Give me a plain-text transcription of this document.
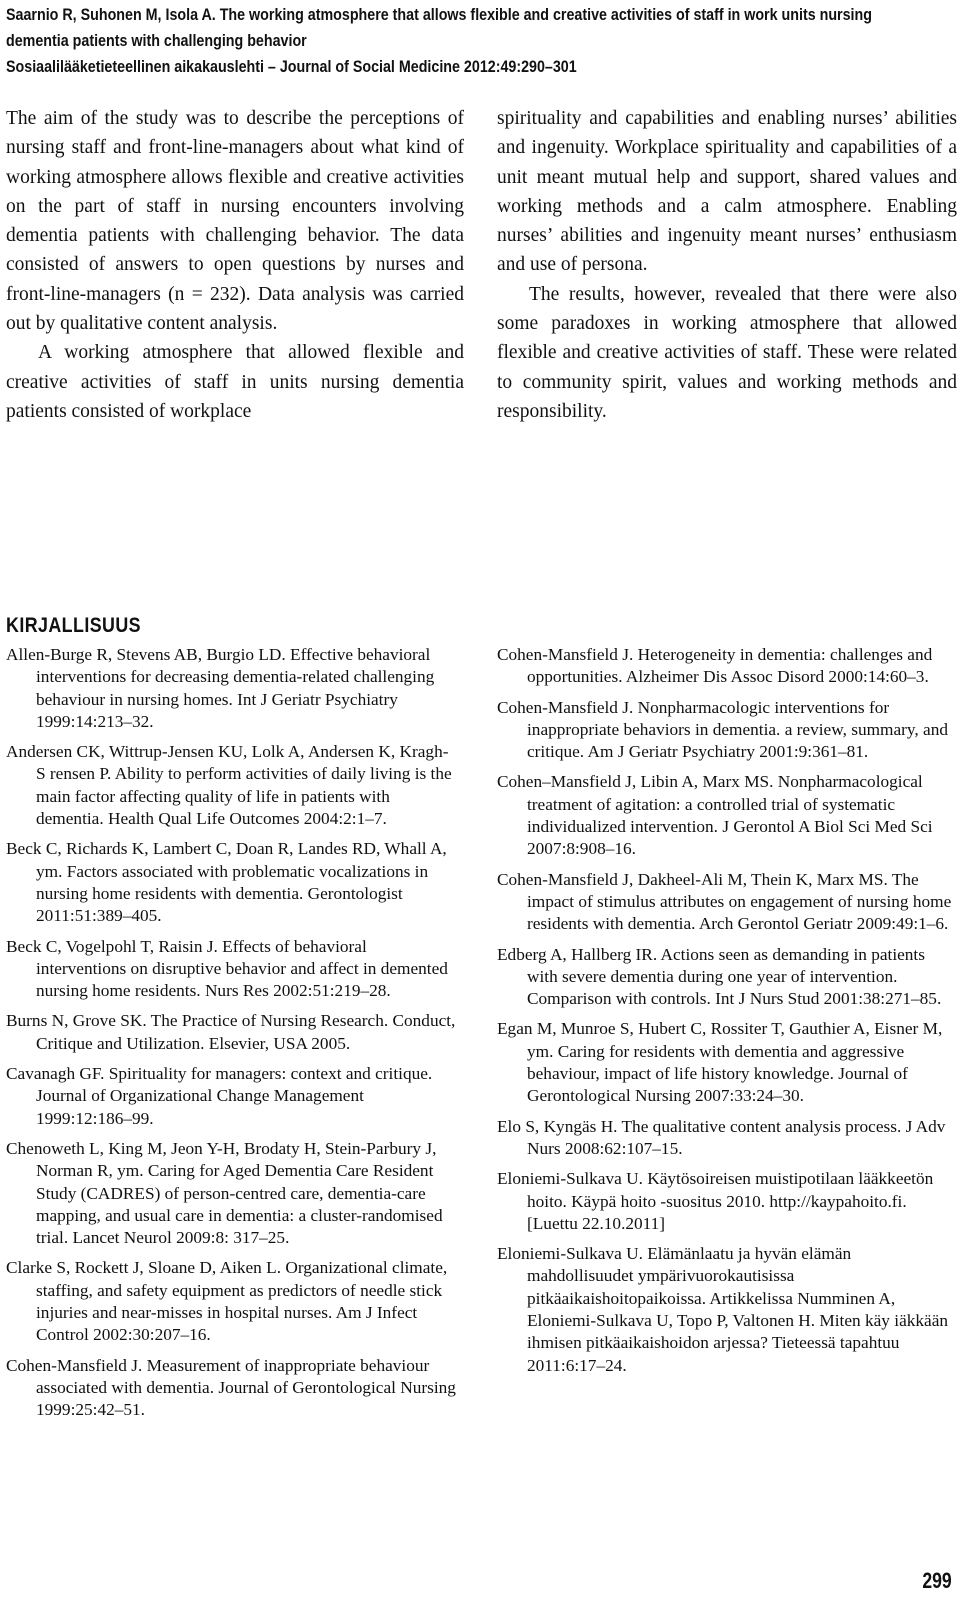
Saarnio R, Suhonen M, Isola A. The working atmosphere that allows flexible and creative activities of staff in work units nursing
dementia patients with challenging behavior
Sosiaalilääketieteellinen aikakauslehti – Journal of Social Medicine 2012:49:290–301

The aim of the study was to describe the perceptions of nursing staff and front-line-managers about what kind of working atmosphere allows flexible and creative activities on the part of staff in nursing encounters involving dementia patients with challenging behavior. The data consisted of answers to open questions by nurses and front-line-managers (n = 232). Data analysis was carried out by qualitative content analysis.

A working atmosphere that allowed flexible and creative activities of staff in units nursing dementia patients consisted of workplace

spirituality and capabilities and enabling nurses’ abilities and ingenuity. Workplace spirituality and capabilities of a unit meant mutual help and support, shared values and working methods and a calm atmosphere. Enabling nurses’ abilities and ingenuity meant nurses’ enthusiasm and use of persona.

The results, however, revealed that there were also some paradoxes in working atmosphere that allowed flexible and creative activities of staff. These were related to community spirit, values and working methods and responsibility.

KIRJALLISUUS

Allen-Burge R, Stevens AB, Burgio LD. Effective behavioral interventions for decreasing dementia-related challenging behaviour in nursing homes. Int J Geriatr Psychiatry 1999:14:213–32.

Andersen CK, Wittrup-Jensen KU, Lolk A, Andersen K, Kragh-S rensen P. Ability to perform activities of daily living is the main factor affecting quality of life in patients with dementia. Health Qual Life Outcomes 2004:2:1–7.

Beck C, Richards K, Lambert C, Doan R, Landes RD, Whall A, ym. Factors associated with problematic vocalizations in nursing home residents with dementia. Gerontologist 2011:51:389–405.

Beck C, Vogelpohl T, Raisin J. Effects of behavioral interventions on disruptive behavior and affect in demented nursing home residents. Nurs Res 2002:51:219–28.

Burns N, Grove SK. The Practice of Nursing Research. Conduct, Critique and Utilization. Elsevier, USA 2005.

Cavanagh GF. Spirituality for managers: context and critique. Journal of Organizational Change Management 1999:12:186–99.

Chenoweth L, King M, Jeon Y-H, Brodaty H, Stein-Parbury J, Norman R, ym. Caring for Aged Dementia Care Resident Study (CADRES) of person-centred care, dementia-care mapping, and usual care in dementia: a cluster-randomised trial. Lancet Neurol 2009:8: 317–25.

Clarke S, Rockett J, Sloane D, Aiken L. Organizational climate, staffing, and safety equipment as predictors of needle stick injuries and near-misses in hospital nurses. Am J Infect Control 2002:30:207–16.

Cohen-Mansfield J. Measurement of inappropriate behaviour associated with dementia. Journal of Gerontological Nursing 1999:25:42–51.

Cohen-Mansfield J. Heterogeneity in dementia: challenges and opportunities. Alzheimer Dis Assoc Disord 2000:14:60–3.

Cohen-Mansfield J. Nonpharmacologic interventions for inappropriate behaviors in dementia. a review, summary, and critique. Am J Geriatr Psychiatry 2001:9:361–81.

Cohen–Mansfield J, Libin A, Marx MS. Nonpharmacological treatment of agitation: a controlled trial of systematic individualized intervention. J Gerontol A Biol Sci Med Sci 2007:8:908–16.

Cohen-Mansfield J, Dakheel-Ali M, Thein K, Marx MS. The impact of stimulus attributes on engagement of nursing home residents with dementia. Arch Gerontol Geriatr 2009:49:1–6.

Edberg A, Hallberg IR. Actions seen as demanding in patients with severe dementia during one year of intervention. Comparison with controls. Int J Nurs Stud 2001:38:271–85.

Egan M, Munroe S, Hubert C, Rossiter T, Gauthier A, Eisner M, ym. Caring for residents with dementia and aggressive behaviour, impact of life history knowledge. Journal of Gerontological Nursing 2007:33:24–30.

Elo S, Kyngäs H. The qualitative content analysis process. J Adv Nurs 2008:62:107–15.

Eloniemi-Sulkava U. Käytösoireisen muistipotilaan lääkkeetön hoito. Käypä hoito -suositus 2010. http://kaypahoito.fi. [Luettu 22.10.2011]

Eloniemi-Sulkava U. Elämänlaatu ja hyvän elämän mahdollisuudet ympärivuorokautisissa pitkäaikaishoitopaikoissa. Artikkelissa Numminen A, Eloniemi-Sulkava U, Topo P, Valtonen H. Miten käy iäkkään ihmisen pitkäaikaishoidon arjessa? Tieteessä tapahtuu 2011:6:17–24.

299
